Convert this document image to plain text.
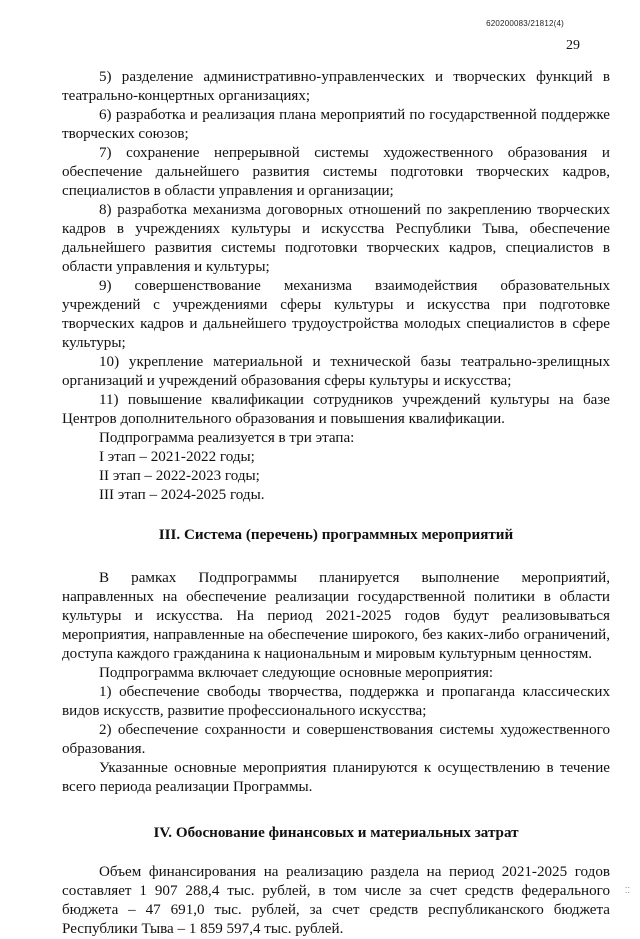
620200083/21812(4)
29

5) разделение административно-управленческих и творческих функций в театрально-концертных организациях;

6) разработка и реализация плана мероприятий по государственной поддержке творческих союзов;

7) сохранение непрерывной системы художественного образования и обеспечение дальнейшего развития системы подготовки творческих кадров, специалистов в области управления и организации;

8) разработка механизма договорных отношений по закреплению творческих кадров в учреждениях культуры и искусства Республики Тыва, обеспечение дальнейшего развития системы подготовки творческих кадров, специалистов в области управления и культуры;

9) совершенствование механизма взаимодействия образовательных учреждений с учреждениями сферы культуры и искусства при подготовке творческих кадров и дальнейшего трудоустройства молодых специалистов в сфере культуры;

10) укрепление материальной и технической базы театрально-зрелищных организаций и учреждений образования сферы культуры и искусства;

11) повышение квалификации сотрудников учреждений культуры на базе Центров дополнительного образования и повышения квалификации.

Подпрограмма реализуется в три этапа:

I этап – 2021-2022 годы;

II этап – 2022-2023 годы;

III этап – 2024-2025 годы.

III. Система (перечень) программных мероприятий

В рамках Подпрограммы планируется выполнение мероприятий, направленных на обеспечение реализации государственной политики в области культуры и искусства. На период 2021-2025 годов будут реализовываться мероприятия, направленные на обеспечение широкого, без каких-либо ограничений, доступа каждого гражданина к национальным и мировым культурным ценностям.

Подпрограмма включает следующие основные мероприятия:

1) обеспечение свободы творчества, поддержка и пропаганда классических видов искусств, развитие профессионального искусства;

2) обеспечение сохранности и совершенствования системы художественного образования.

Указанные основные мероприятия планируются к осуществлению в течение всего периода реализации Программы.

IV. Обоснование финансовых и материальных затрат

Объем финансирования на реализацию раздела на период 2021-2025 годов составляет 1 907 288,4 тыс. рублей, в том числе за счет средств федерального бюджета – 47 691,0 тыс. рублей, за счет средств республиканского бюджета Республики Тыва – 1 859 597,4 тыс. рублей.

⁚⁚
